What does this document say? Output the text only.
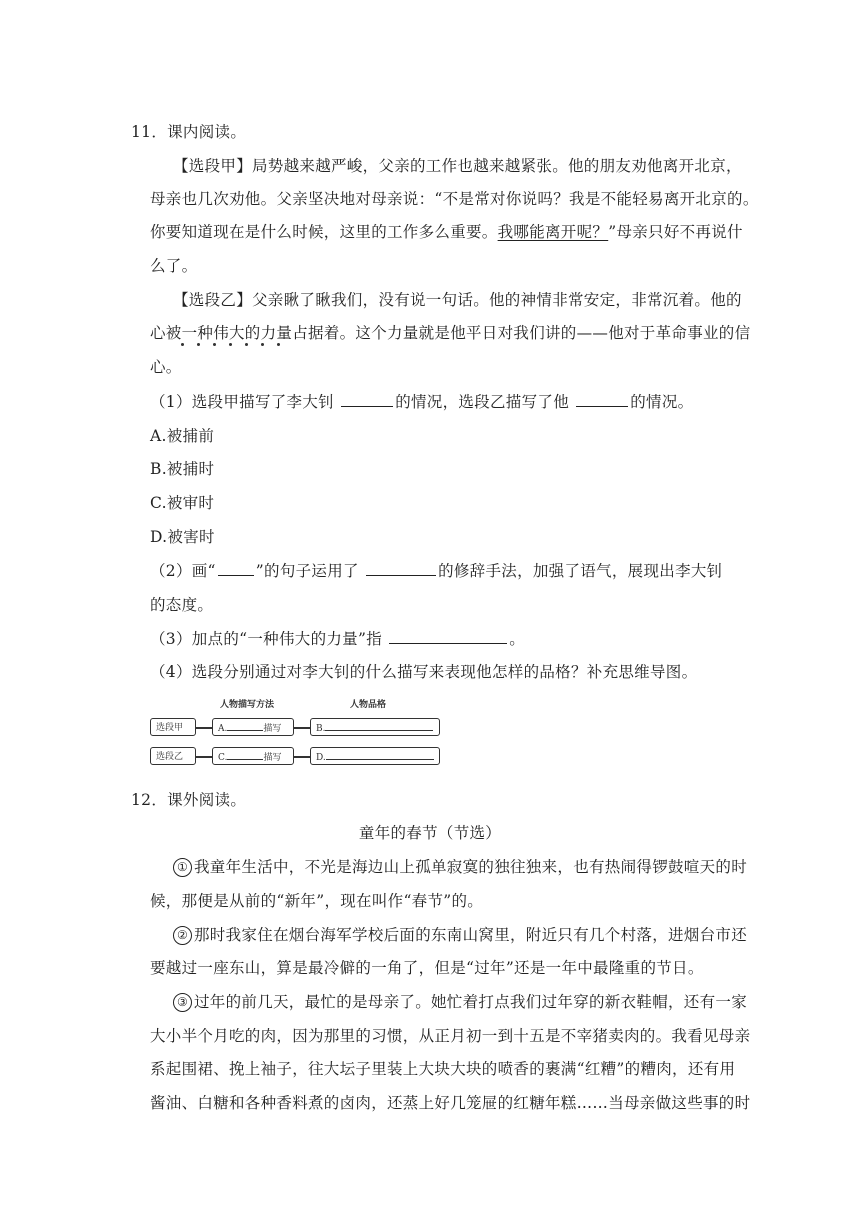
11．课内阅读。
【选段甲】局势越来越严峻，父亲的工作也越来越紧张。他的朋友劝他离开北京，
母亲也几次劝他。父亲坚决地对母亲说：“不是常对你说吗？我是不能轻易离开北京的。
你要知道现在是什么时候，这里的工作多么重要。我哪能离开呢？”母亲只好不再说什
么了。
【选段乙】父亲瞅了瞅我们，没有说一句话。他的神情非常安定，非常沉着。他的
心被一种伟大的力量占据着。这个力量就是他平日对我们讲的——他对于革命事业的信
心。
（1）选段甲描写了李大钊	的情况，选段乙描写了他	的情况。
A.被捕前
B.被捕时
C.被审时
D.被害时
（2）画“	”的句子运用了	的修辞手法，加强了语气，展现出李大钊
的态度。
（3）加点的“一种伟大的力量”指	。
（4）选段分别通过对李大钊的什么描写来表现他怎样的品格？补充思维导图。
人物描写方法	人物品格
选段甲	A.	描写	B.
选段乙	C.	描写	D.
12．课外阅读。
童年的春节（节选）
① 我童年生活中，不光是海边山上孤单寂寞的独往独来，也有热闹得锣鼓喧天的时
候，那便是从前的“新年”，现在叫作“春节”的。
② 那时我家住在烟台海军学校后面的东南山窝里，附近只有几个村落，进烟台市还
要越过一座东山，算是最冷僻的一角了，但是“过年”还是一年中最隆重的节日。
③ 过年的前几天，最忙的是母亲了。她忙着打点我们过年穿的新衣鞋帽，还有一家
大小半个月吃的肉，因为那里的习惯，从正月初一到十五是不宰猪卖肉的。我看见母亲
系起围裙、挽上袖子，往大坛子里装上大块大块的喷香的裹满“红糟”的糟肉，还有用
酱油、白糖和各种香料煮的卤肉，还蒸上好几笼屉的红糖年糕……当母亲做这些事的时
